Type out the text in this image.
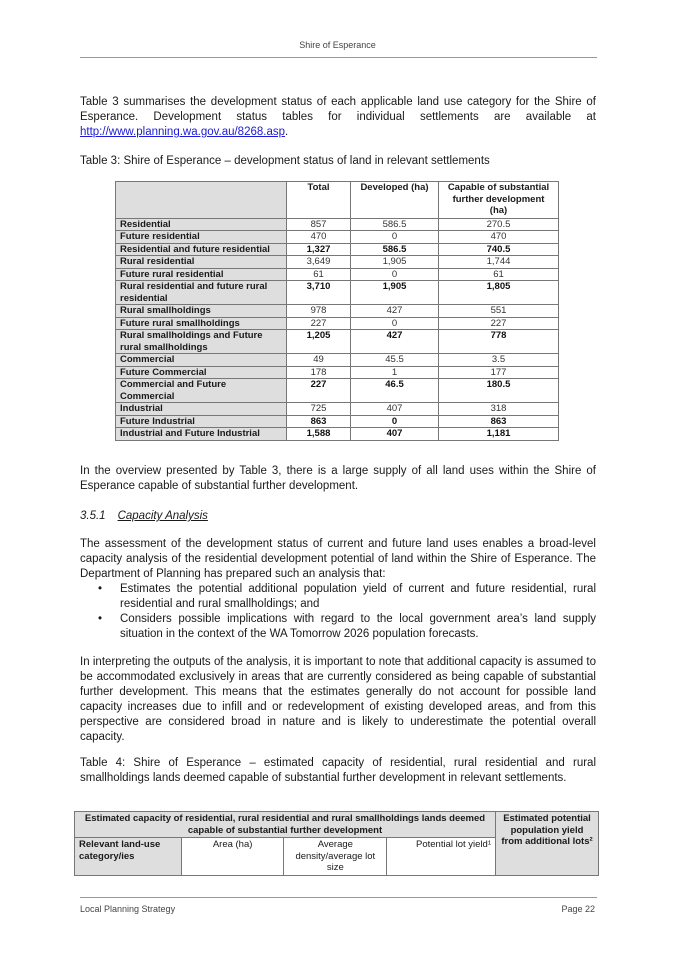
Shire of Esperance
Table 3 summarises the development status of each applicable land use category for the Shire of Esperance. Development status tables for individual settlements are available at http://www.planning.wa.gov.au/8268.asp.
Table 3: Shire of Esperance – development status of land in relevant settlements
	Total	Developed (ha)	Capable of substantial further development (ha)
Residential	857	586.5	270.5
Future residential	470	0	470
Residential and future residential	1,327	586.5	740.5
Rural residential	3,649	1,905	1,744
Future rural residential	61	0	61
Rural residential and future rural residential	3,710	1,905	1,805
Rural smallholdings	978	427	551
Future rural smallholdings	227	0	227
Rural smallholdings and Future rural smallholdings	1,205	427	778
Commercial	49	45.5	3.5
Future Commercial	178	1	177
Commercial and Future Commercial	227	46.5	180.5
Industrial	725	407	318
Future Industrial	863	0	863
Industrial and Future Industrial	1,588	407	1,181
In the overview presented by Table 3, there is a large supply of all land uses within the Shire of Esperance capable of substantial further development.
3.5.1 Capacity Analysis
The assessment of the development status of current and future land uses enables a broad-level capacity analysis of the residential development potential of land within the Shire of Esperance. The Department of Planning has prepared such an analysis that:
• Estimates the potential additional population yield of current and future residential, rural residential and rural smallholdings; and
• Considers possible implications with regard to the local government area’s land supply situation in the context of the WA Tomorrow 2026 population forecasts.
In interpreting the outputs of the analysis, it is important to note that additional capacity is assumed to be accommodated exclusively in areas that are currently considered as being capable of substantial further development. This means that the estimates generally do not account for possible land capacity increases due to infill and or redevelopment of existing developed areas, and from this perspective are considered broad in nature and is likely to underestimate the potential overall capacity.
Table 4: Shire of Esperance – estimated capacity of residential, rural residential and rural smallholdings lands deemed capable of substantial further development in relevant settlements.
Estimated capacity of residential, rural residential and rural smallholdings lands deemed capable of substantial further development				Estimated potential population yield from additional lots²
Relevant land-use category/ies	Area (ha)	Average density/average lot size	Potential lot yield¹	
Local Planning Strategy	Page 22
